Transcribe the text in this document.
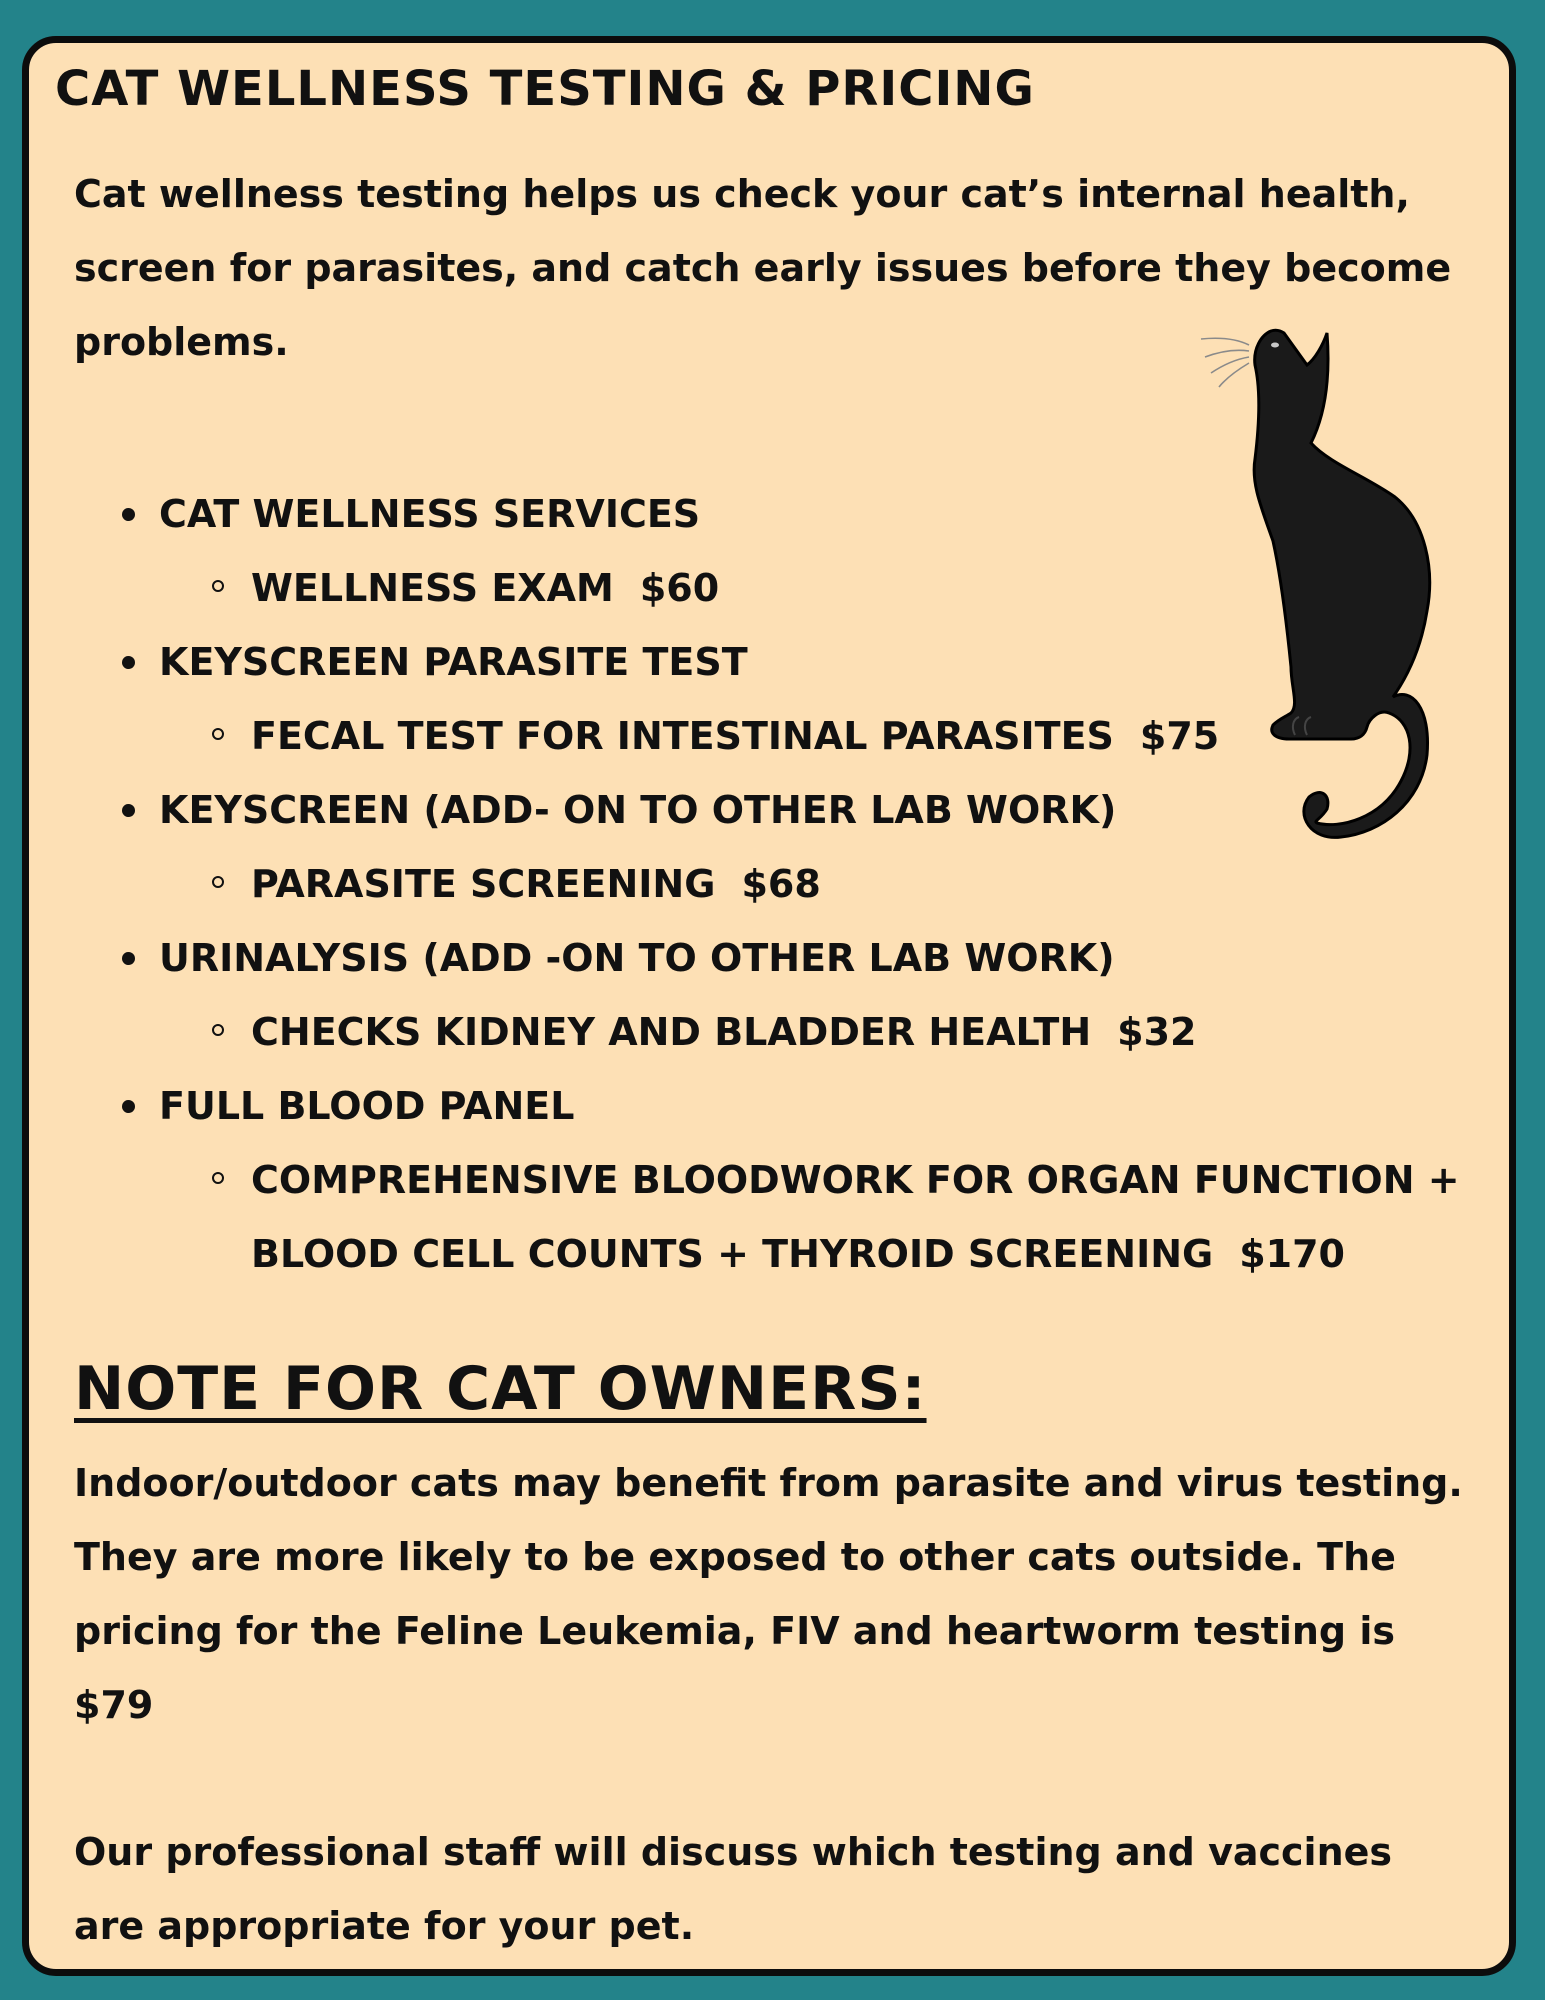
CAT WELLNESS TESTING & PRICING

Cat wellness testing helps us check your cat’s internal health, screen for parasites, and catch early issues before they become problems.

CAT WELLNESS SERVICES
WELLNESS EXAM $60
KEYSCREEN PARASITE TEST
FECAL TEST FOR INTESTINAL PARASITES $75
KEYSCREEN (ADD- ON TO OTHER LAB WORK)
PARASITE SCREENING $68
URINALYSIS (ADD -ON TO OTHER LAB WORK)
CHECKS KIDNEY AND BLADDER HEALTH $32
FULL BLOOD PANEL
COMPREHENSIVE BLOODWORK FOR ORGAN FUNCTION + BLOOD CELL COUNTS + THYROID SCREENING $170
NOTE FOR CAT OWNERS:

Indoor/outdoor cats may benefit from parasite and virus testing. They are more likely to be exposed to other cats outside. The pricing for the Feline Leukemia, FIV and heartworm testing is $79

Our professional staff will discuss which testing and vaccines are appropriate for your pet.
